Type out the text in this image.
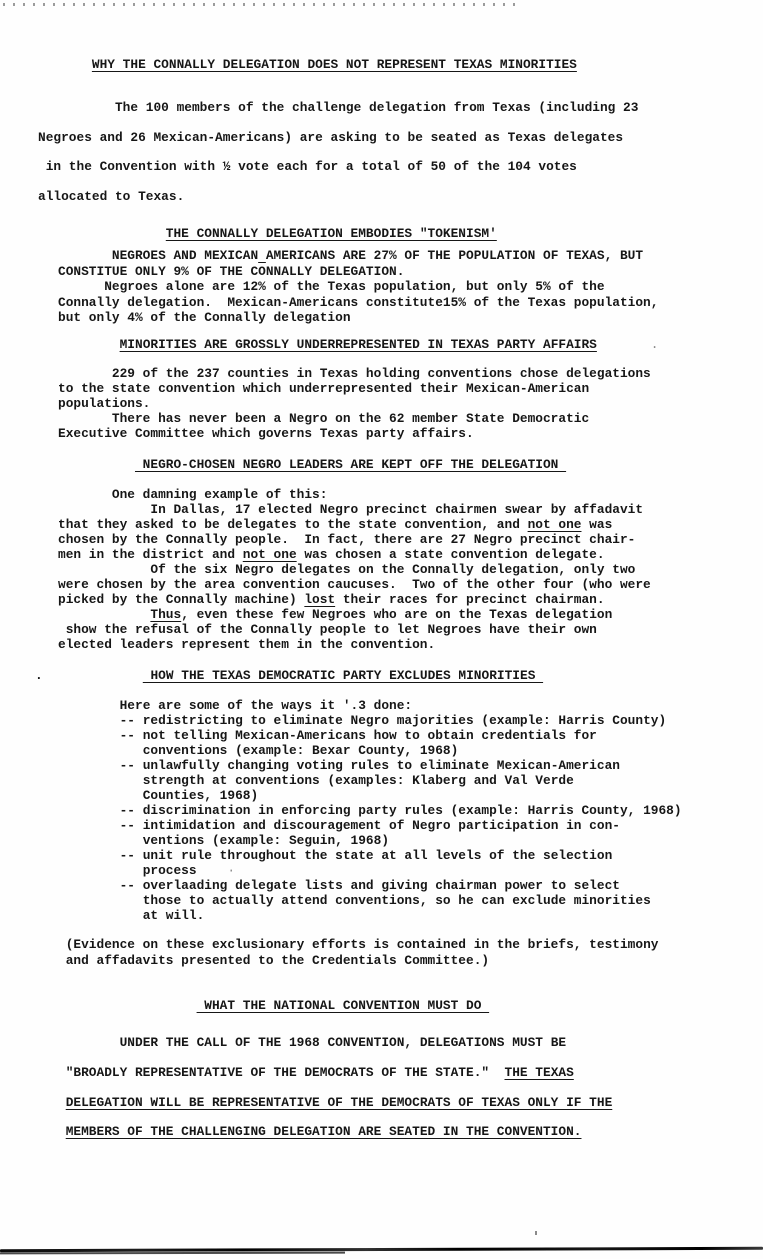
WHY THE CONNALLY DELEGATION DOES NOT REPRESENT TEXAS MINORITIES
The 100 members of the challenge delegation from Texas (including 23
Negroes and 26 Mexican-Americans) are asking to be seated as Texas delegates
in the Convention with ½ vote each for a total of 50 of the 104 votes
allocated to Texas.
THE CONNALLY DELEGATION EMBODIES "TOKENISM'
NEGROES AND MEXICAN AMERICANS ARE 27% OF THE POPULATION OF TEXAS, BUT
CONSTITUE ONLY 9% OF THE CONNALLY DELEGATION.
Negroes alone are 12% of the Texas population, but only 5% of the
Connally delegation.  Mexican-Americans constitute15% of the Texas population,
but only 4% of the Connally delegation
MINORITIES ARE GROSSLY UNDERREPRESENTED IN TEXAS PARTY AFFAIRS       .
229 of the 237 counties in Texas holding conventions chose delegations
to the state convention which underrepresented their Mexican-American
populations.
There has never been a Negro on the 62 member State Democratic
Executive Committee which governs Texas party affairs.
NEGRO-CHOSEN NEGRO LEADERS ARE KEPT OFF THE DELEGATION
One damning example of this:
In Dallas, 17 elected Negro precinct chairmen swear by affadavit
that they asked to be delegates to the state convention, and not one was
chosen by the Connally people.  In fact, there are 27 Negro precinct chair-
men in the district and not one was chosen a state convention delegate.
Of the six Negro delegates on the Connally delegation, only two
were chosen by the area convention caucuses.  Two of the other four (who were
picked by the Connally machine) lost their races for precinct chairman.
Thus, even these few Negroes who are on the Texas delegation
show the refusal of the Connally people to let Negroes have their own
elected leaders represent them in the convention.
.              HOW THE TEXAS DEMOCRATIC PARTY EXCLUDES MINORITIES
Here are some of the ways it '.3 done:
-- redistricting to eliminate Negro majorities (example: Harris County)
-- not telling Mexican-Americans how to obtain credentials for
conventions (example: Bexar County, 1968)
-- unlawfully changing voting rules to eliminate Mexican-American
strength at conventions (examples: Klaberg and Val Verde
Counties, 1968)
-- discrimination in enforcing party rules (example: Harris County, 1968)
-- intimidation and discouragement of Negro participation in con-
ventions (example: Seguin, 1968)
-- unit rule throughout the state at all levels of the selection
process    ·
-- overlaading delegate lists and giving chairman power to select
those to actually attend conventions, so he can exclude minorities
at will.
(Evidence on these exclusionary efforts is contained in the briefs, testimony
and affadavits presented to the Credentials Committee.)
WHAT THE NATIONAL CONVENTION MUST DO
UNDER THE CALL OF THE 1968 CONVENTION, DELEGATIONS MUST BE
"BROADLY REPRESENTATIVE OF THE DEMOCRATS OF THE STATE."  THE TEXAS
DELEGATION WILL BE REPRESENTATIVE OF THE DEMOCRATS OF TEXAS ONLY IF THE
MEMBERS OF THE CHALLENGING DELEGATION ARE SEATED IN THE CONVENTION.
